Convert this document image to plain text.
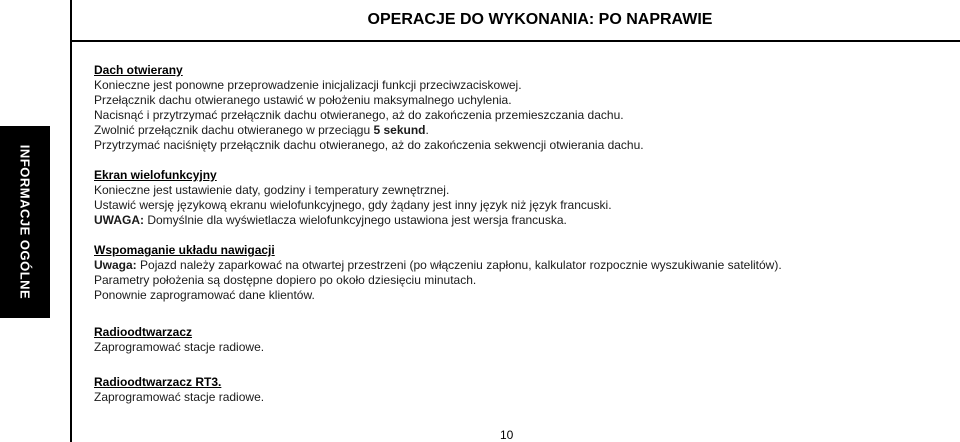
INFORMACJE OGÓLNE
OPERACJE DO WYKONANIA: PO NAPRAWIE
Dach otwierany
Konieczne jest ponowne przeprowadzenie inicjalizacji funkcji przeciwzaciskowej.
Przełącznik dachu otwieranego ustawić w położeniu maksymalnego uchylenia.
Nacisnąć i przytrzymać przełącznik dachu otwieranego, aż do zakończenia przemieszczania dachu.
Zwolnić przełącznik dachu otwieranego w przeciągu 5 sekund.
Przytrzymać naciśnięty przełącznik dachu otwieranego, aż do zakończenia sekwencji otwierania dachu.
Ekran wielofunkcyjny
Konieczne jest ustawienie daty, godziny i temperatury zewnętrznej.
Ustawić wersję językową ekranu wielofunkcyjnego, gdy żądany jest inny język niż język francuski.
UWAGA: Domyślnie dla wyświetlacza wielofunkcyjnego ustawiona jest wersja francuska.
Wspomaganie układu nawigacji
Uwaga: Pojazd należy zaparkować na otwartej przestrzeni (po włączeniu zapłonu, kalkulator rozpocznie wyszukiwanie satelitów).
Parametry położenia są dostępne dopiero po około dziesięciu minutach.
Ponownie zaprogramować dane klientów.
Radioodtwarzacz
Zaprogramować stacje radiowe.
Radioodtwarzacz RT3.
Zaprogramować stacje radiowe.
10
